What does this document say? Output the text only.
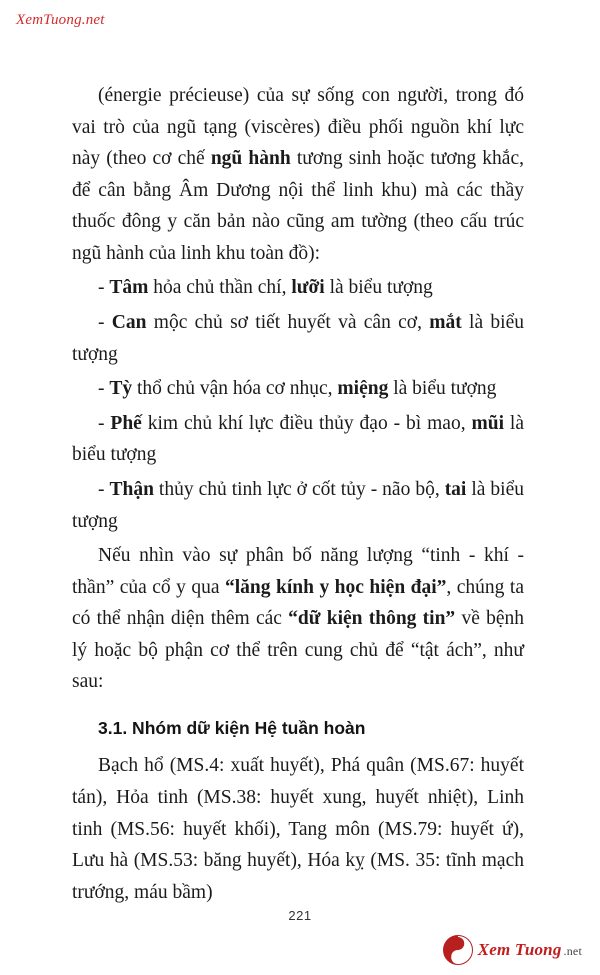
XemTuong.net

(énergie précieuse) của sự sống con người, trong đó vai trò của ngũ tạng (viscères) điều phối nguồn khí lực này (theo cơ chế ngũ hành tương sinh hoặc tương khắc, để cân bằng Âm Dương nội thể linh khu) mà các thầy thuốc đông y căn bản nào cũng am tường (theo cấu trúc ngũ hành của linh khu toàn đồ):

- Tâm hỏa chủ thần chí, lưỡi là biểu tượng

- Can mộc chủ sơ tiết huyết và cân cơ, mắt là biểu tượng

- Tỳ thổ chủ vận hóa cơ nhục, miệng là biểu tượng

- Phế kim chủ khí lực điều thủy đạo - bì mao, mũi là biểu tượng

- Thận thủy chủ tinh lực ở cốt tủy - não bộ, tai là biểu tượng

Nếu nhìn vào sự phân bố năng lượng “tinh - khí - thần” của cổ y qua “lăng kính y học hiện đại”, chúng ta có thể nhận diện thêm các “dữ kiện thông tin” về bệnh lý hoặc bộ phận cơ thể trên cung chủ để “tật ách”, như sau:

3.1. Nhóm dữ kiện Hệ tuần hoàn

Bạch hổ (MS.4: xuất huyết), Phá quân (MS.67: huyết tán), Hỏa tinh (MS.38: huyết xung, huyết nhiệt), Linh tinh (MS.56: huyết khối), Tang môn (MS.79: huyết ứ), Lưu hà (MS.53: băng huyết), Hóa kỵ (MS. 35: tĩnh mạch trướng, máu bầm)

221
Xem Tuong .net
